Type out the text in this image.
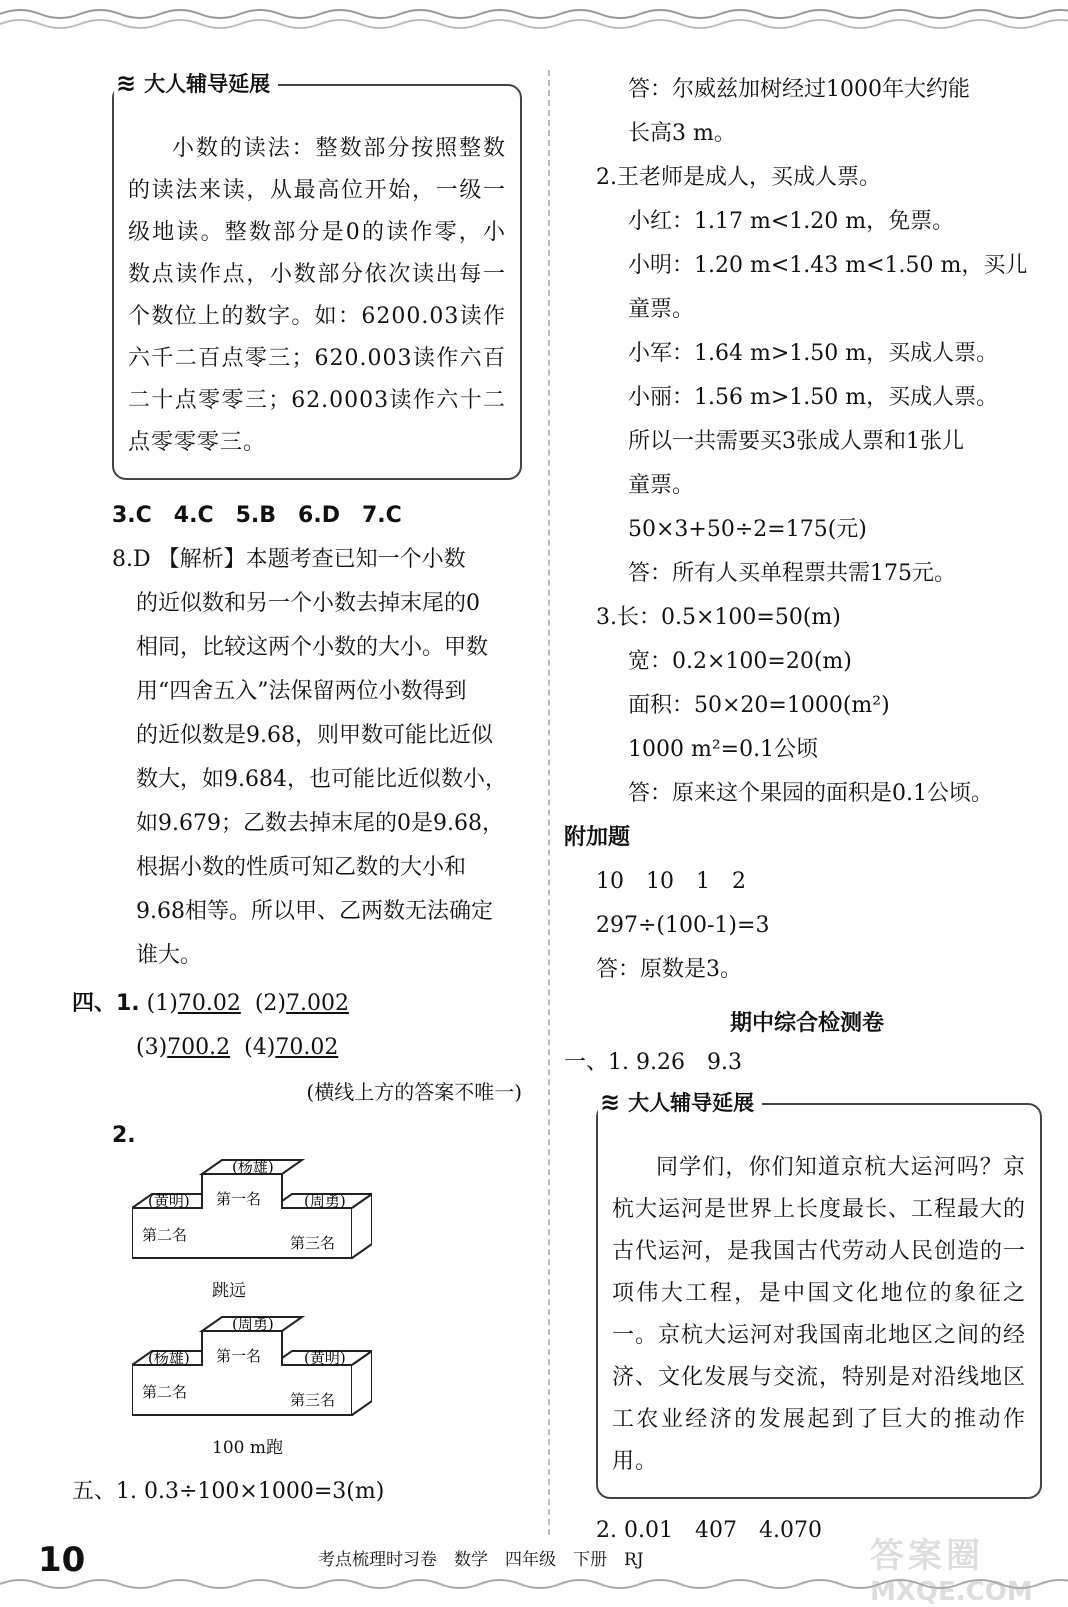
≋ 大人辅导延展

小数的读法：整数部分按照整数的读法来读，从最高位开始，一级一级地读。整数部分是0的读作零，小数点读作点，小数部分依次读出每一个数位上的数字。如：6200.03读作六千二百点零三；620.003读作六百二十点零零三；62.0003读作六十二点零零零三。

3.C　4.C　5.B　6.D　7.C
8.D 【解析】本题考查已知一个小数
的近似数和另一个小数去掉末尾的0
相同，比较这两个小数的大小。甲数
用“四舍五入”法保留两位小数得到
的近似数是9.68，则甲数可能比近似
数大，如9.684，也可能比近似数小，
如9.679；乙数去掉末尾的0是9.68，
根据小数的性质可知乙数的大小和
9.68相等。所以甲、乙两数无法确定
谁大。
四、1. (1)70.02 (2)7.002
(3)700.2 (4)70.02
(横线上方的答案不唯一)
2.
第二名
第一名
第三名
(杨雄)
(黄明)	(周勇)
跳远
第二名
第一名
第三名
(周勇)
(杨雄)	(黄明)
100 m跑
五、1. 0.3÷100×1000=3(m)
答：尔威兹加树经过1000年大约能
长高3 m。
2.王老师是成人，买成人票。
小红：1.17 m<1.20 m，免票。
小明：1.20 m<1.43 m<1.50 m，买儿
童票。
小军：1.64 m>1.50 m，买成人票。
小丽：1.56 m>1.50 m，买成人票。
所以一共需要买3张成人票和1张儿
童票。
50×3+50÷2=175(元)
答：所有人买单程票共需175元。
3.长：0.5×100=50(m)
宽：0.2×100=20(m)
面积：50×20=1000(m²)
1000 m²=0.1公顷
答：原来这个果园的面积是0.1公顷。
附加题
10　10　1　2
297÷(100-1)=3
答：原数是3。
期中综合检测卷
一、1. 9.26　9.3
≋ 大人辅导延展

同学们，你们知道京杭大运河吗？京杭大运河是世界上长度最长、工程最大的古代运河，是我国古代劳动人民创造的一项伟大工程，是中国文化地位的象征之一。京杭大运河对我国南北地区之间的经济、文化发展与交流，特别是对沿线地区工农业经济的发展起到了巨大的推动作用。

2. 0.01　407　4.070
10	考点梳理时习卷　数学　四年级　下册　RJ	答案圈
MXQE.COM
